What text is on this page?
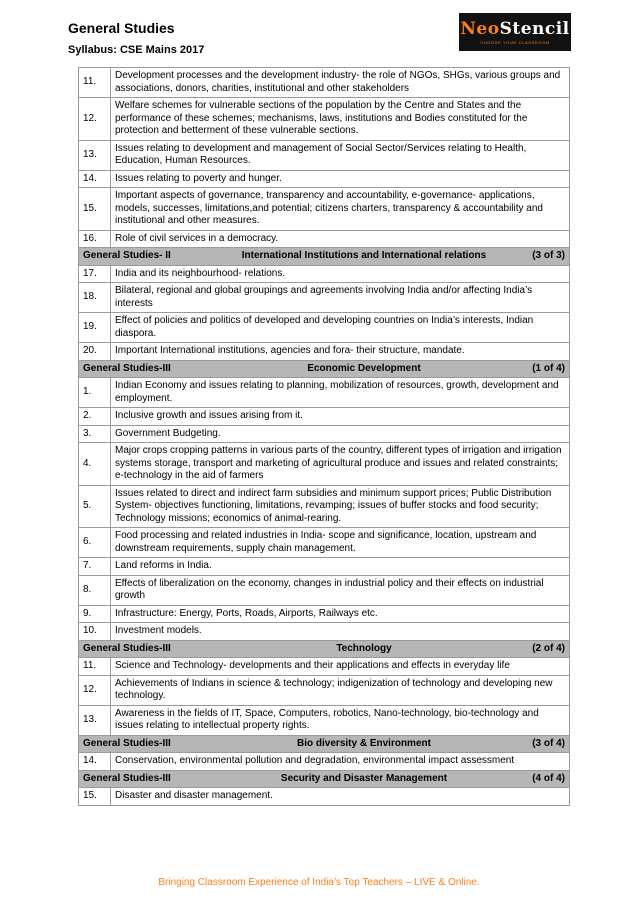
General Studies
Syllabus: CSE Mains 2017
NeoStencil
CHOOSE YOUR CLASSROOM
11.	Development processes and the development industry- the role of NGOs, SHGs, various groups and associations, donors, charities, institutional and other stakeholders
12.	Welfare schemes for vulnerable sections of the population by the Centre and States and the performance of these schemes; mechanisms, laws, institutions and Bodies constituted for the protection and betterment of these vulnerable sections.
13.	Issues relating to development and management of Social Sector/Services relating to Health, Education, Human Resources.
14.	Issues relating to poverty and hunger.
15.	Important aspects of governance, transparency and accountability, e-governance- applications, models, successes, limitations,and potential; citizens charters, transparency & accountability and institutional and other measures.
16.	Role of civil services in a democracy.

General Studies- II International Institutions and International relations (3 of 3)	

17.	India and its neighbourhood- relations.
18.	Bilateral, regional and global groupings and agreements involving India and/or affecting India’s interests
19.	Effect of policies and politics of developed and developing countries on India’s interests, Indian diaspora.
20.	Important International institutions, agencies and fora- their structure, mandate.

General Studies-III Economic Development (1 of 4)	

1.	Indian Economy and issues relating to planning, mobilization of resources, growth, development and employment.
2.	Inclusive growth and issues arising from it.
3.	Government Budgeting.
4.	Major crops cropping patterns in various parts of the country, different types of irrigation and irrigation systems storage, transport and marketing of agricultural produce and issues and related constraints; e-technology in the aid of farmers
5.	Issues related to direct and indirect farm subsidies and minimum support prices; Public Distribution System- objectives functioning, limitations, revamping; issues of buffer stocks and food security; Technology missions; economics of animal-rearing.
6.	Food processing and related industries in India- scope and significance, location, upstream and downstream requirements, supply chain management.
7.	Land reforms in India.
8.	Effects of liberalization on the economy, changes in industrial policy and their effects on industrial growth
9.	Infrastructure: Energy, Ports, Roads, Airports, Railways etc.
10.	Investment models.

General Studies-III Technology (2 of 4)	

11.	Science and Technology- developments and their applications and effects in everyday life
12.	Achievements of Indians in science & technology; indigenization of technology and developing new technology.
13.	Awareness in the fields of IT, Space, Computers, robotics, Nano-technology, bio-technology and issues relating to intellectual property rights.

General Studies-III Bio diversity & Environment (3 of 4)	

14.	Conservation, environmental pollution and degradation, environmental impact assessment

General Studies-III Security and Disaster Management (4 of 4)	

15.	Disaster and disaster management.
Bringing Classroom Experience of India’s Top Teachers – LIVE & Online.
